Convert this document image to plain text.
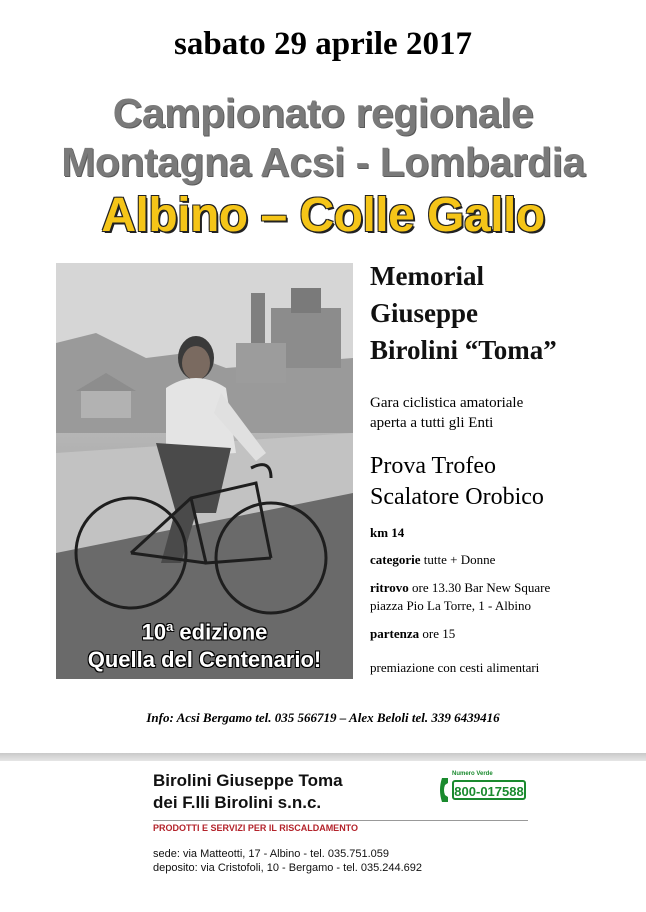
sabato 29 aprile 2017
Campionato regionale
Montagna Acsi - Lombardia
Albino – Colle Gallo
10$^a$ edizione
Quella del Centenario!
Memorial
Giuseppe
Birolini “Toma”
Gara ciclistica amatoriale
aperta a tutti gli Enti
Prova Trofeo
Scalatore Orobico
km 14
categorie tutte + Donne
ritrovo ore 13.30 Bar New Square
piazza Pio La Torre, 1 - Albino
partenza ore 15
premiazione con cesti alimentari
Info: Acsi Bergamo tel. 035 566719 – Alex Beloli tel. 339 6439416
Birolini Giuseppe Toma
dei F.lli Birolini s.n.c.
Numero Verde
800-017588
PRODOTTI E SERVIZI PER IL RISCALDAMENTO
sede: via Matteotti, 17 - Albino - tel. 035.751.059
deposito: via Cristofoli, 10 - Bergamo - tel. 035.244.692
